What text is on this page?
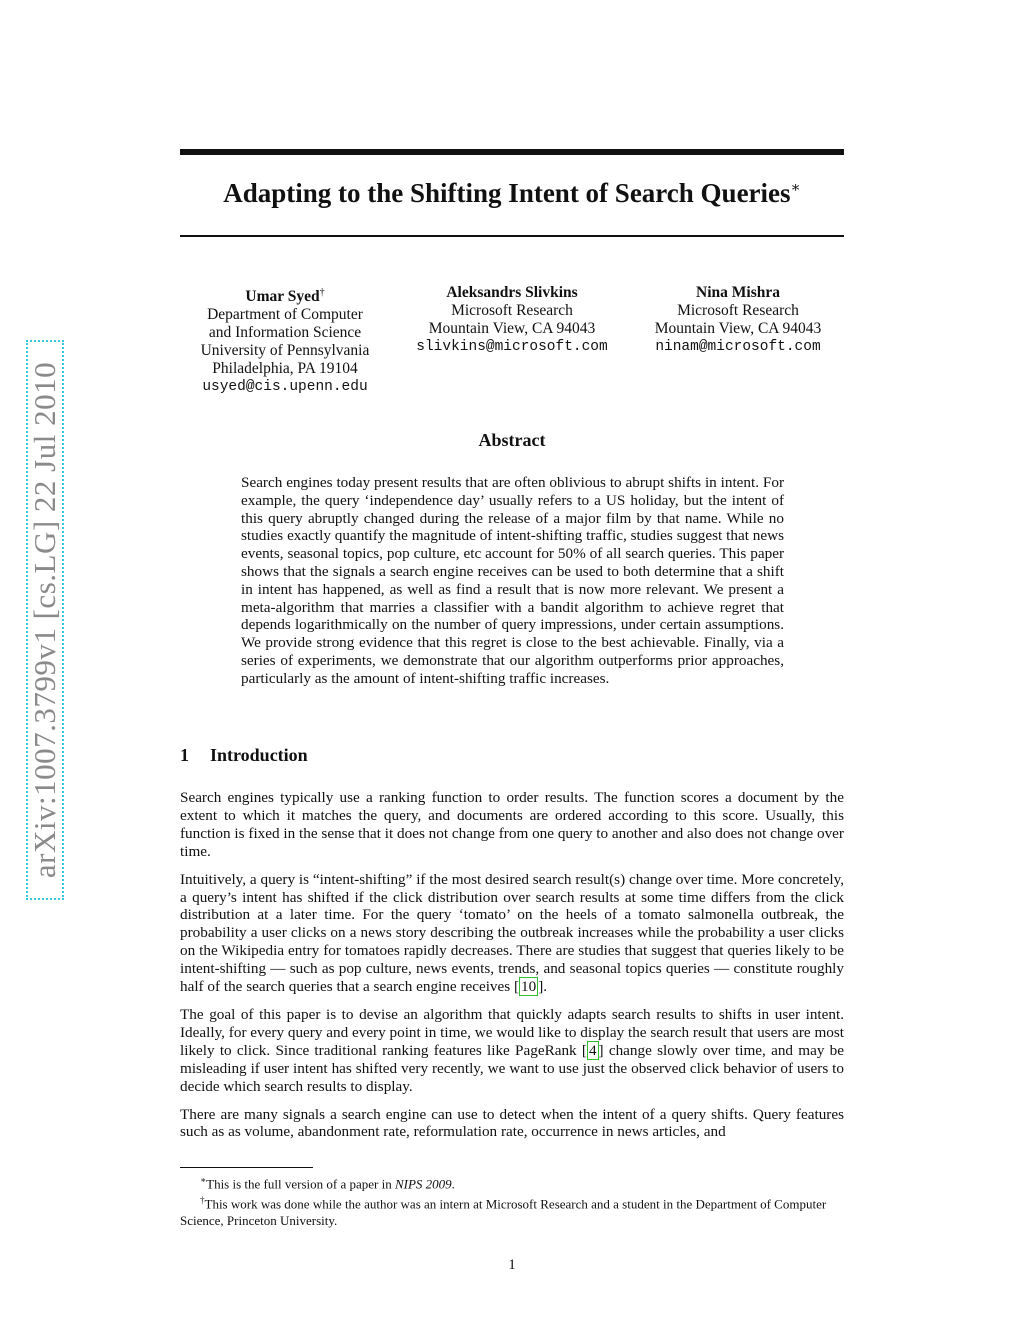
arXiv:1007.3799v1 [cs.LG] 22 Jul 2010
Adapting to the Shifting Intent of Search Queries∗
Umar Syed†
Department of Computer
and Information Science
University of Pennsylvania
Philadelphia, PA 19104
usyed@cis.upenn.edu
Aleksandrs Slivkins
Microsoft Research
Mountain View, CA 94043
slivkins@microsoft.com
Nina Mishra
Microsoft Research
Mountain View, CA 94043
ninam@microsoft.com
Abstract

Search engines today present results that are often oblivious to abrupt shifts in intent. For example, the query ‘independence day’ usually refers to a US holiday, but the intent of this query abruptly changed during the release of a major film by that name. While no studies exactly quantify the magnitude of intent-shifting traffic, studies suggest that news events, seasonal topics, pop culture, etc account for 50% of all search queries. This paper shows that the signals a search engine receives can be used to both determine that a shift in intent has happened, as well as find a result that is now more relevant. We present a meta-algorithm that marries a classifier with a bandit algorithm to achieve regret that depends logarithmically on the number of query impressions, under certain assumptions. We provide strong evidence that this regret is close to the best achievable. Finally, via a series of experiments, we demonstrate that our algorithm outperforms prior approaches, particularly as the amount of intent-shifting traffic increases.

1 Introduction

Search engines typically use a ranking function to order results. The function scores a document by the extent to which it matches the query, and documents are ordered according to this score. Usually, this function is fixed in the sense that it does not change from one query to another and also does not change over time.

Intuitively, a query is “intent-shifting” if the most desired search result(s) change over time. More concretely, a query’s intent has shifted if the click distribution over search results at some time differs from the click distribution at a later time. For the query ‘tomato’ on the heels of a tomato salmonella outbreak, the probability a user clicks on a news story describing the outbreak increases while the probability a user clicks on the Wikipedia entry for tomatoes rapidly decreases. There are studies that suggest that queries likely to be intent-shifting — such as pop culture, news events, trends, and seasonal topics queries — constitute roughly half of the search queries that a search engine receives [ 10 ].

The goal of this paper is to devise an algorithm that quickly adapts search results to shifts in user intent. Ideally, for every query and every point in time, we would like to display the search result that users are most likely to click. Since traditional ranking features like PageRank [ 4 ] change slowly over time, and may be misleading if user intent has shifted very recently, we want to use just the observed click behavior of users to decide which search results to display.

There are many signals a search engine can use to detect when the intent of a query shifts. Query features such as as volume, abandonment rate, reformulation rate, occurrence in news articles, and

∗This is the full version of a paper in NIPS 2009.

†This work was done while the author was an intern at Microsoft Research and a student in the Department of Computer Science, Princeton University.

1
